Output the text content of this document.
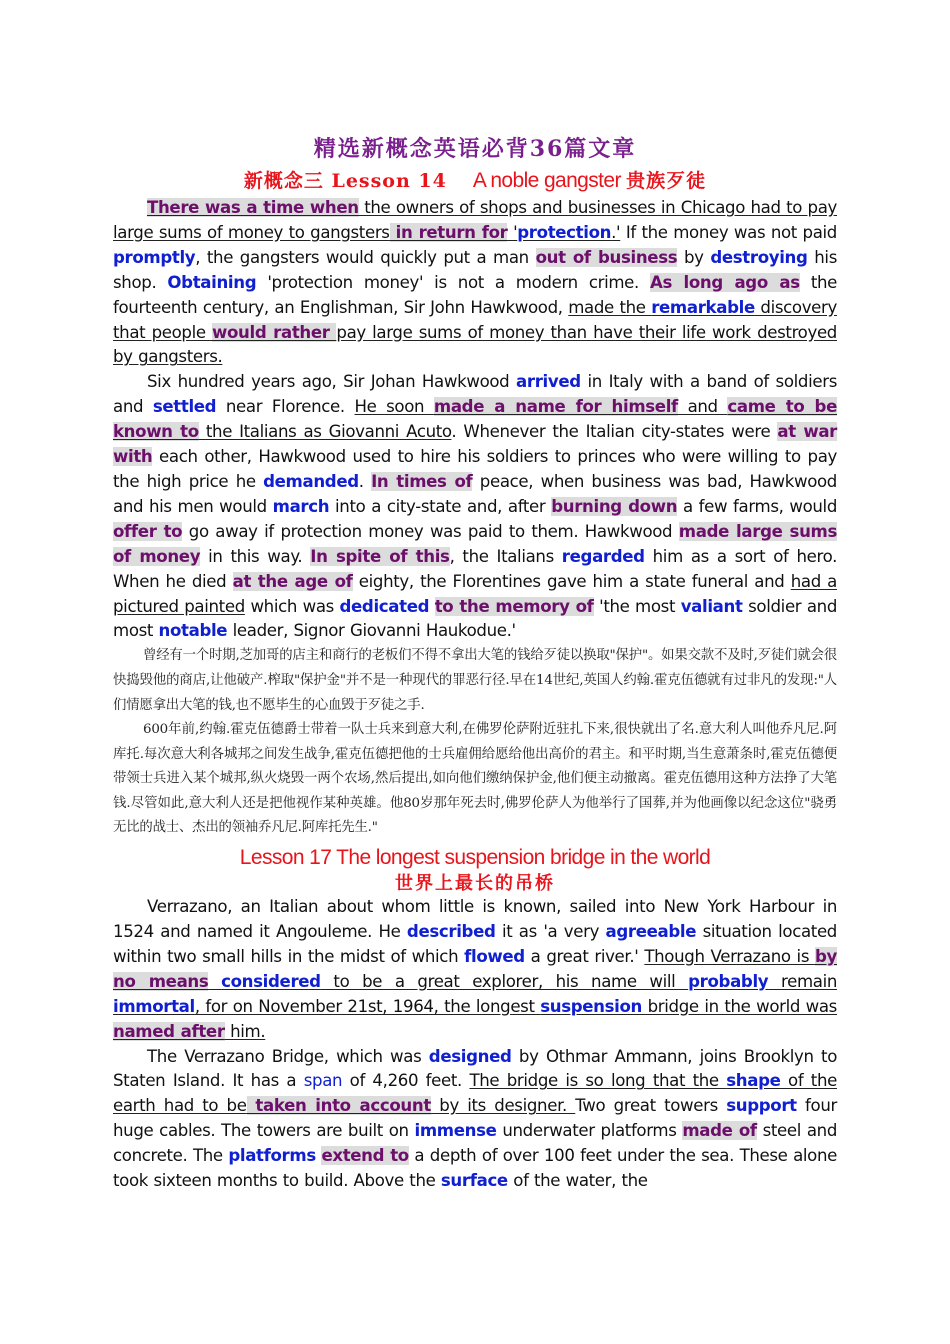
精选新概念英语必背36篇文章
新概念三 Lesson 14 A noble gangster 贵族歹徒

There was a time when the owners of shops and businesses in Chicago had to pay large sums of money to gangsters in return for 'protection.' If the money was not paid promptly, the gangsters would quickly put a man out of business by destroying his shop. Obtaining 'protection money' is not a modern crime. As long ago as the fourteenth century, an Englishman, Sir John Hawkwood, made the remarkable discovery that people would rather pay large sums of money than have their life work destroyed by gangsters.

Six hundred years ago, Sir Johan Hawkwood arrived in Italy with a band of soldiers and settled near Florence. He soon made a name for himself and came to be known to the Italians as Giovanni Acuto. Whenever the Italian city-states were at war with each other, Hawkwood used to hire his soldiers to princes who were willing to pay the high price he demanded. In times of peace, when business was bad, Hawkwood and his men would march into a city-state and, after burning down a few farms, would offer to go away if protection money was paid to them. Hawkwood made large sums of money in this way. In spite of this, the Italians regarded him as a sort of hero. When he died at the age of eighty, the Florentines gave him a state funeral and had a pictured painted which was dedicated to the memory of 'the most valiant soldier and most notable leader, Signor Giovanni Haukodue.'

曾经有一个时期,芝加哥的店主和商行的老板们不得不拿出大笔的钱给歹徒以换取"保护"。如果交款不及时,歹徒们就会很快捣毁他的商店,让他破产.榨取"保护金"并不是一种现代的罪恶行径.早在14世纪,英国人约翰.霍克伍德就有过非凡的发现:"人们情愿拿出大笔的钱,也不愿毕生的心血毁于歹徒之手.

600年前,约翰.霍克伍德爵士带着一队士兵来到意大利,在佛罗伦萨附近驻扎下来,很快就出了名.意大利人叫他乔凡尼.阿库托.每次意大利各城邦之间发生战争,霍克伍德把他的士兵雇佣给愿给他出高价的君主。和平时期,当生意萧条时,霍克伍德便带领士兵进入某个城邦,纵火烧毁一两个农场,然后提出,如向他们缴纳保护金,他们便主动撤离。霍克伍德用这种方法挣了大笔钱.尽管如此,意大利人还是把他视作某种英雄。他80岁那年死去时,佛罗伦萨人为他举行了国葬,并为他画像以纪念这位"骁勇无比的战士、杰出的领袖乔凡尼.阿库托先生."

Lesson 17 The longest suspension bridge in the world
世界上最长的吊桥

Verrazano, an Italian about whom little is known, sailed into New York Harbour in 1524 and named it Angouleme. He described it as 'a very agreeable situation located within two small hills in the midst of which flowed a great river.' Though Verrazano is by no means considered to be a great explorer, his name will probably remain immortal, for on November 21st, 1964, the longest suspension bridge in the world was named after him.

The Verrazano Bridge, which was designed by Othmar Ammann, joins Brooklyn to Staten Island. It has a span of 4,260 feet. The bridge is so long that the shape of the earth had to be taken into account by its designer. Two great towers support four huge cables. The towers are built on immense underwater platforms made of steel and concrete. The platforms extend to a depth of over 100 feet under the sea. These alone took sixteen months to build. Above the surface of the water, the
